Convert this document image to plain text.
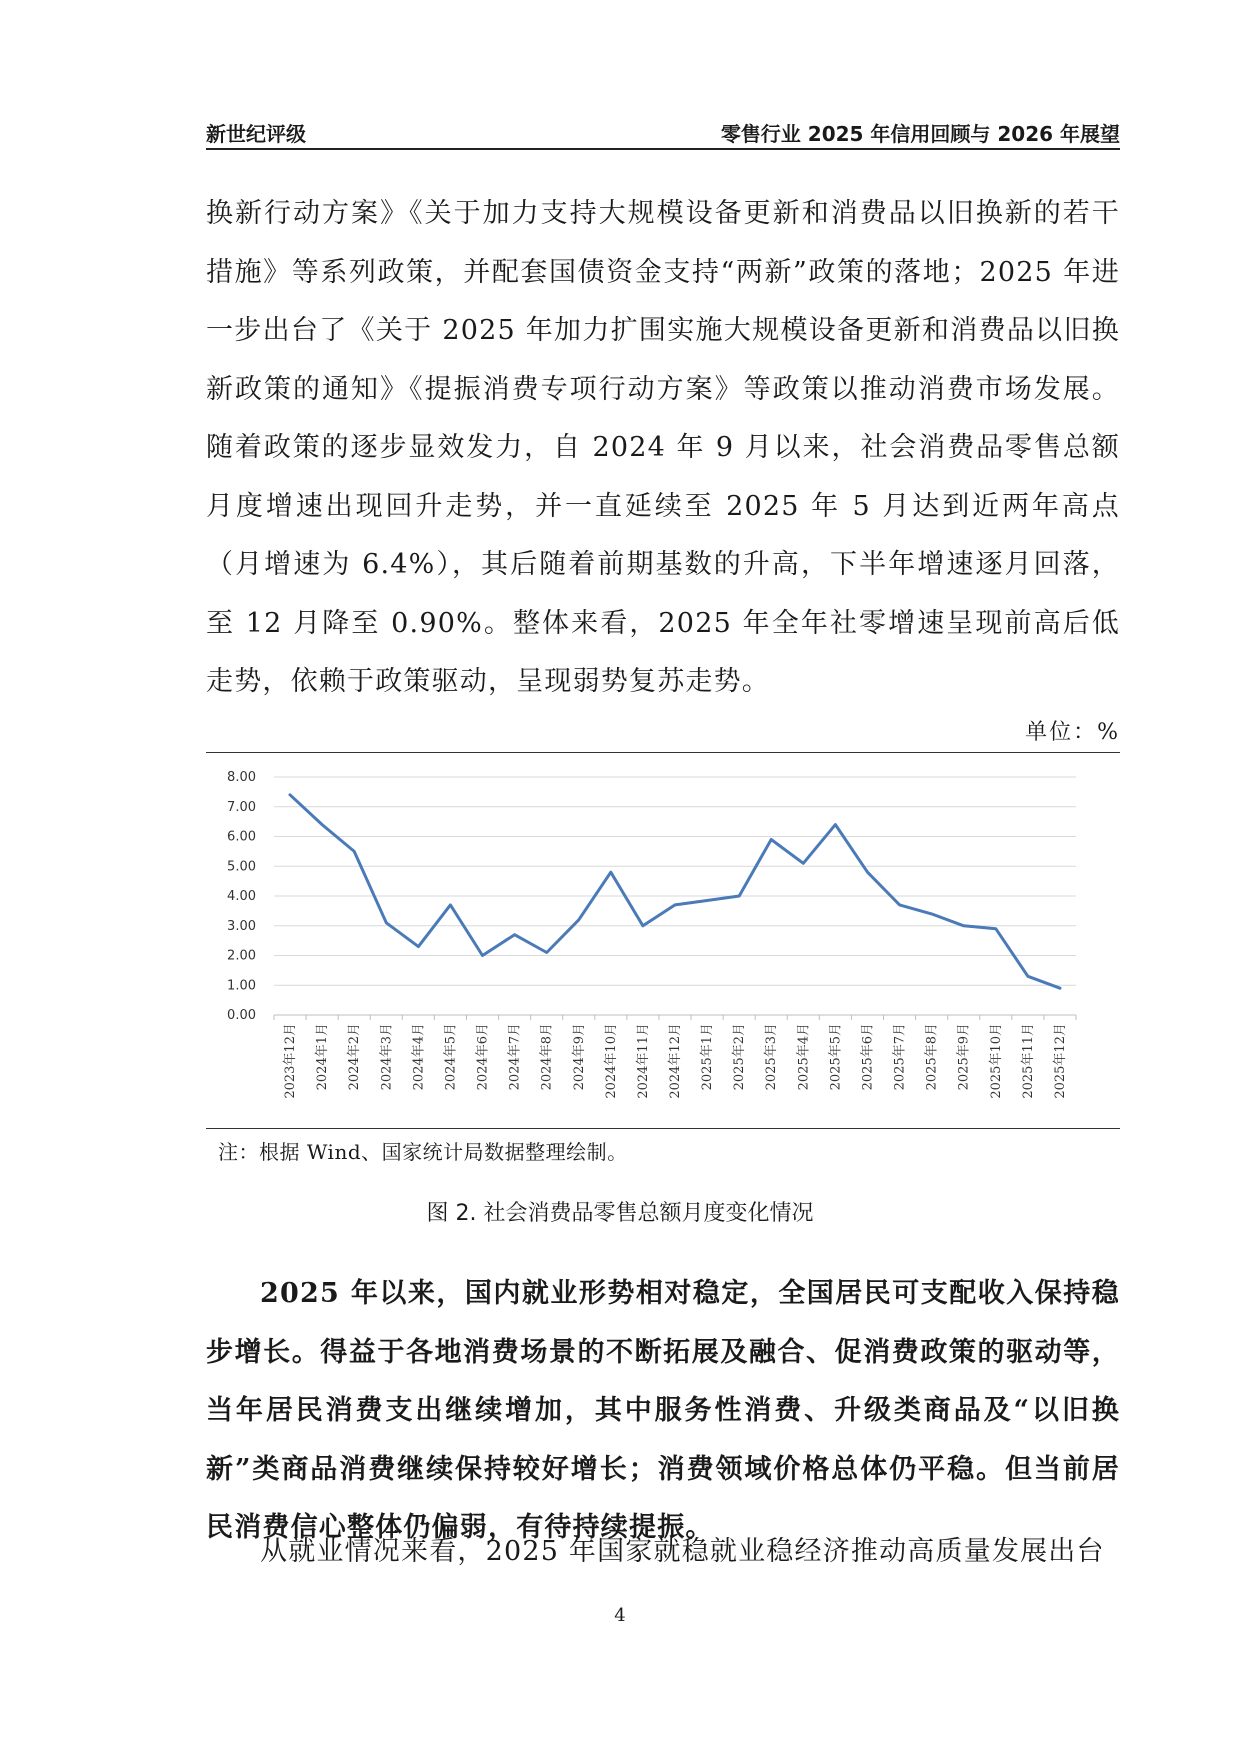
新世纪评级	零售行业 2025 年信用回顾与 2026 年展望

换新行动方案》《关于加力支持大规模设备更新和消费品以旧换新的若干措施》等系列政策，并配套国债资金支持“两新”政策的落地；2025 年进一步出台了《关于 2025 年加力扩围实施大规模设备更新和消费品以旧换新政策的通知》《提振消费专项行动方案》等政策以推动消费市场发展。随着政策的逐步显效发力，自 2024 年 9 月以来，社会消费品零售总额月度增速出现回升走势，并一直延续至 2025 年 5 月达到近两年高点（月增速为 6.4%），其后随着前期基数的升高，下半年增速逐月回落，至 12 月降至 0.90%。整体来看，2025 年全年社零增速呈现前高后低走势，依赖于政策驱动，呈现弱势复苏走势。

单位：%
0.00
1.00
2.00
3.00
4.00
5.00
6.00
7.00
8.00
2023年12月 2024年1月 2024年2月 2024年3月 2024年4月 2024年5月 2024年6月 2024年7月 2024年8月 2024年9月 2024年10月 2024年11月 2024年12月 2025年1月 2025年2月 2025年3月 2025年4月 2025年5月 2025年6月 2025年7月 2025年8月 2025年9月 2025年10月 2025年11月 2025年12月
注：根据 Wind、国家统计局数据整理绘制。
图 2. 社会消费品零售总额月度变化情况

2025 年以来，国内就业形势相对稳定，全国居民可支配收入保持稳步增长。得益于各地消费场景的不断拓展及融合、促消费政策的驱动等，当年居民消费支出继续增加，其中服务性消费、升级类商品及“以旧换新”类商品消费继续保持较好增长；消费领域价格总体仍平稳。但当前居民消费信心整体仍偏弱，有待持续提振。

从就业情况来看，2025 年国家就稳就业稳经济推动高质量发展出台

4
